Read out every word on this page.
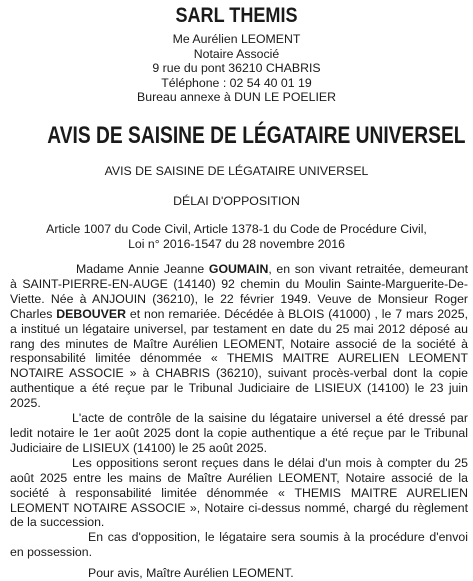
SARL THEMIS
Me Aurélien LEOMENT
Notaire Associé
9 rue du pont 36210 CHABRIS
Téléphone : 02 54 40 01 19
Bureau annexe à DUN LE POELIER
AVIS DE SAISINE DE LÉGATAIRE UNIVERSEL
AVIS DE SAISINE DE LÉGATAIRE UNIVERSEL
DÉLAI D'OPPOSITION
Article 1007 du Code Civil, Article 1378-1 du Code de Procédure Civil,
Loi n° 2016-1547 du 28 novembre 2016

Madame Annie Jeanne GOUMAIN, en son vivant retraitée, demeurant à SAINT-PIERRE-EN-AUGE (14140) 92 chemin du Moulin Sainte-Marguerite-De-Viette. Née à ANJOUIN (36210), le 22 février 1949. Veuve de Monsieur Roger Charles DEBOUVER et non remariée. Décédée à BLOIS (41000) , le 7 mars 2025, a institué un légataire universel, par testament en date du 25 mai 2012 déposé au rang des minutes de Maître Aurélien LEOMENT, Notaire associé de la société à responsabilité limitée dénommée « THEMIS MAITRE AURELIEN LEOMENT NOTAIRE ASSOCIE » à CHABRIS (36210), suivant procès-verbal dont la copie authentique a été reçue par le Tribunal Judiciaire de LISIEUX (14100) le 23 juin 2025.

L'acte de contrôle de la saisine du légataire universel a été dressé par ledit notaire le 1er août 2025 dont la copie authentique a été reçue par le Tribunal Judiciaire de LISIEUX (14100) le 25 août 2025.

Les oppositions seront reçues dans le délai d'un mois à compter du 25 août 2025 entre les mains de Maître Aurélien LEOMENT, Notaire associé de la société à responsabilité limitée dénommée « THEMIS MAITRE AURELIEN LEOMENT NOTAIRE ASSOCIE », Notaire ci-dessus nommé, chargé du règlement de la succession.

En cas d'opposition, le légataire sera soumis à la procédure d'envoi en possession.

Pour avis, Maître Aurélien LEOMENT.
